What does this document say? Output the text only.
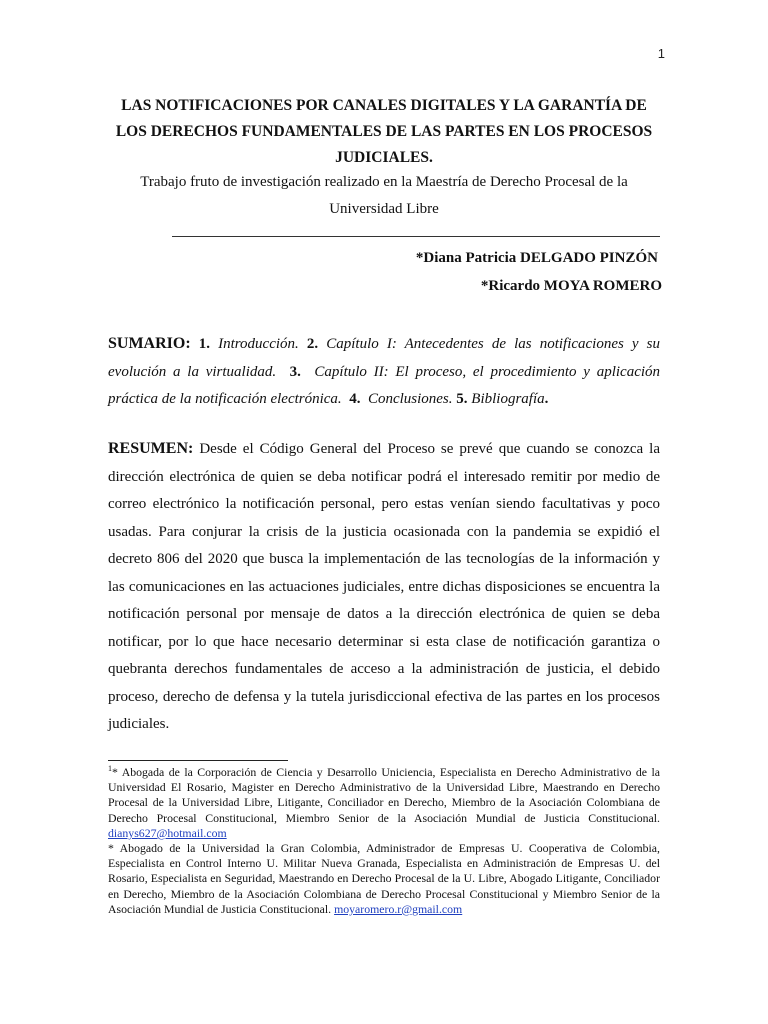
1
LAS NOTIFICACIONES POR CANALES DIGITALES Y LA GARANTÍA DE LOS DERECHOS FUNDAMENTALES DE LAS PARTES EN LOS PROCESOS JUDICIALES.
Trabajo fruto de investigación realizado en la Maestría de Derecho Procesal de la Universidad Libre
*Diana Patricia DELGADO PINZÓN
*Ricardo MOYA ROMERO
SUMARIO: 1. Introducción. 2. Capítulo I: Antecedentes de las notificaciones y su evolución a la virtualidad. 3. Capítulo II: El proceso, el procedimiento y aplicación práctica de la notificación electrónica. 4. Conclusiones. 5. Bibliografía.
RESUMEN: Desde el Código General del Proceso se prevé que cuando se conozca la dirección electrónica de quien se deba notificar podrá el interesado remitir por medio de correo electrónico la notificación personal, pero estas venían siendo facultativas y poco usadas. Para conjurar la crisis de la justicia ocasionada con la pandemia se expidió el decreto 806 del 2020 que busca la implementación de las tecnologías de la información y las comunicaciones en las actuaciones judiciales, entre dichas disposiciones se encuentra la notificación personal por mensaje de datos a la dirección electrónica de quien se deba notificar, por lo que hace necesario determinar si esta clase de notificación garantiza o quebranta derechos fundamentales de acceso a la administración de justicia, el debido proceso, derecho de defensa y la tutela jurisdiccional efectiva de las partes en los procesos judiciales.

$^1$* Abogada de la Corporación de Ciencia y Desarrollo Uniciencia, Especialista en Derecho Administrativo de la Universidad El Rosario, Magister en Derecho Administrativo de la Universidad Libre, Maestrando en Derecho Procesal de la Universidad Libre, Litigante, Conciliador en Derecho, Miembro de la Asociación Colombiana de Derecho Procesal Constitucional, Miembro Senior de la Asociación Mundial de Justicia Constitucional. dianys627@hotmail.com

* Abogado de la Universidad la Gran Colombia, Administrador de Empresas U. Cooperativa de Colombia, Especialista en Control Interno U. Militar Nueva Granada, Especialista en Administración de Empresas U. del Rosario, Especialista en Seguridad, Maestrando en Derecho Procesal de la U. Libre, Abogado Litigante, Conciliador en Derecho, Miembro de la Asociación Colombiana de Derecho Procesal Constitucional y Miembro Senior de la Asociación Mundial de Justicia Constitucional. moyaromero.r@gmail.com
